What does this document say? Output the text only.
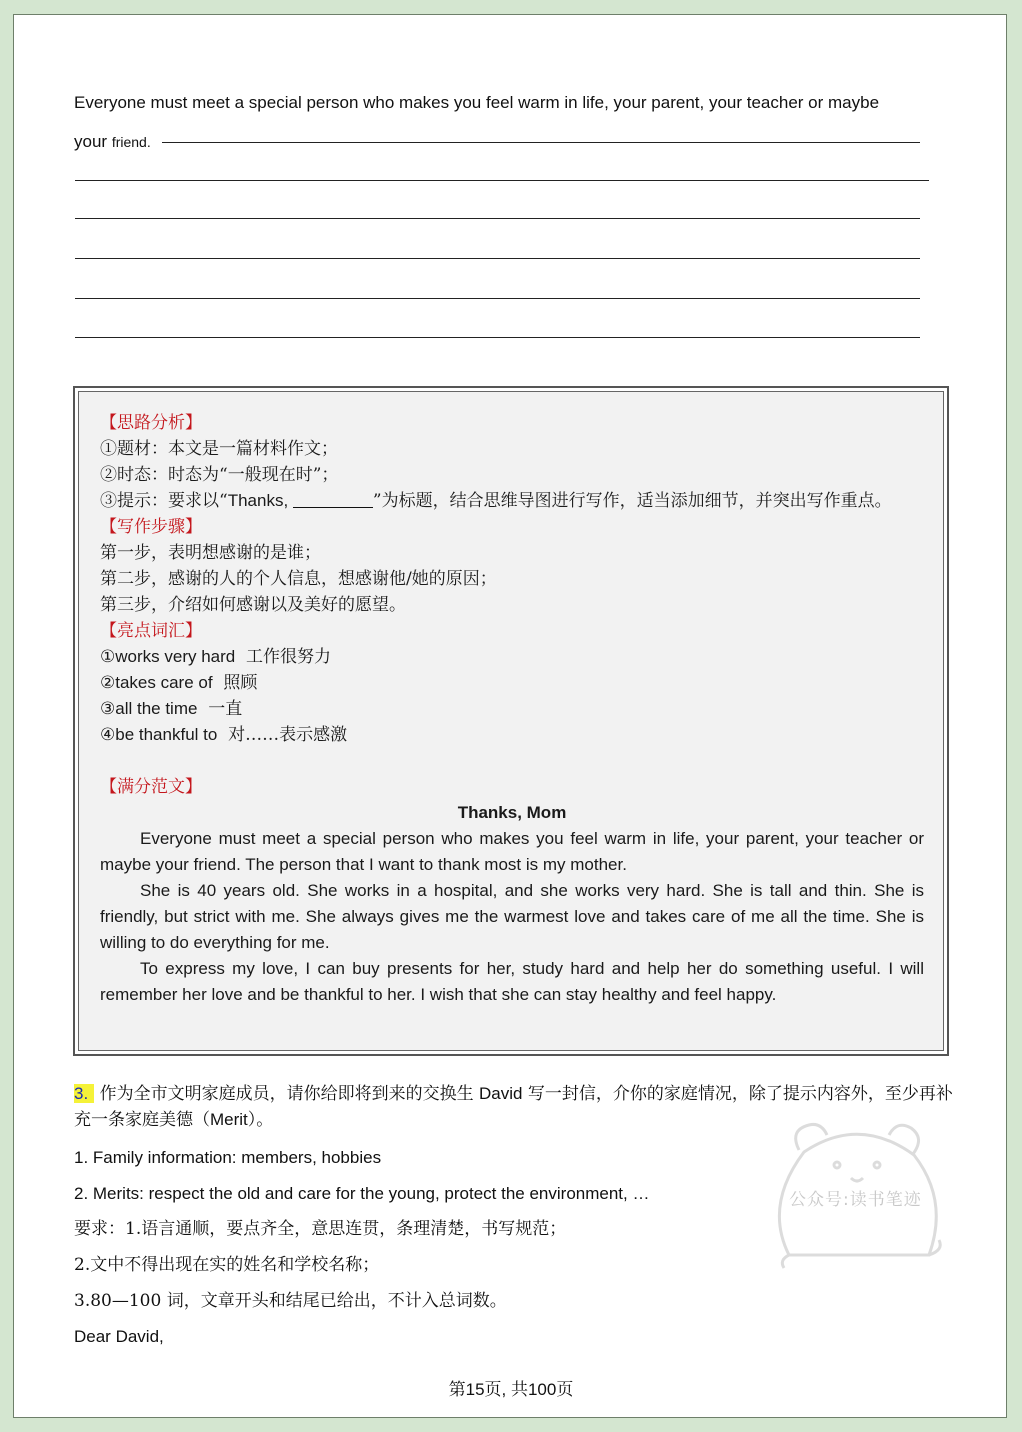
Everyone must meet a special person who makes you feel warm in life, your parent, your teacher or maybe
your friend.
【思路分析】
①题材：本文是一篇材料作文；
②时态：时态为“一般现在时”；
③提示：要求以“Thanks,	”为标题，结合思维导图进行写作，适当添加细节，并突出写作重点。
【写作步骤】
第一步，表明想感谢的是谁；
第二步，感谢的人的个人信息，想感谢他/她的原因；
第三步，介绍如何感谢以及美好的愿望。
【亮点词汇】
①works very hard 工作很努力
②takes care of 照顾
③all the time 一直
④be thankful to 对……表示感激
【满分范文】
Thanks, Mom
Everyone must meet a special person who makes you feel warm in life, your parent, your teacher or maybe your friend. The person that I want to thank most is my mother.
She is 40 years old. She works in a hospital, and she works very hard. She is tall and thin. She is friendly, but strict with me. She always gives me the warmest love and takes care of me all the time. She is willing to do everything for me.
To express my love, I can buy presents for her, study hard and help her do something useful. I will remember her love and be thankful to her. I wish that she can stay healthy and feel happy.
3. 作为全市文明家庭成员，请你给即将到来的交换生 David 写一封信，介你的家庭情况，除了提示内容外，至少再补充一条家庭美德（Merit）。
1. Family information: members, hobbies
2. Merits: respect the old and care for the young, protect the environment, …
要求：1.语言通顺，要点齐全，意思连贯，条理清楚，书写规范；
2.文中不得出现在实的姓名和学校名称；
3.80—100 词，文章开头和结尾已给出，不计入总词数。
Dear David,
公众号:读书笔迹
第15页, 共100页
